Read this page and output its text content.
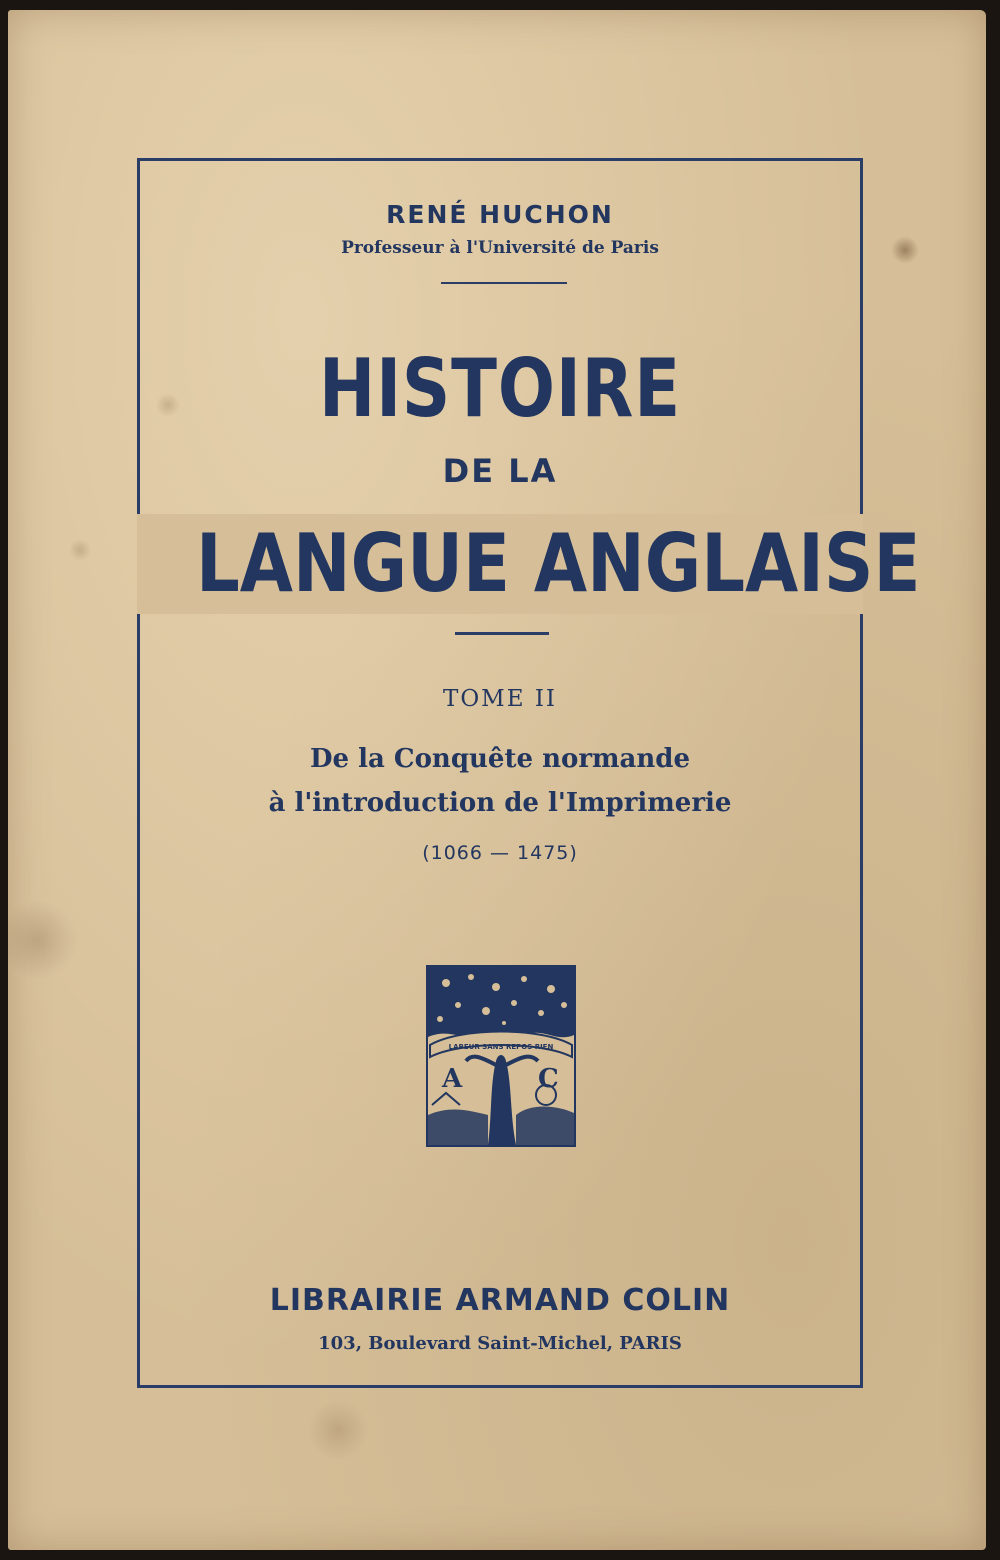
RENÉ HUCHON
Professeur à l'Université de Paris
HISTOIRE
DE LA
LANGUE ANGLAISE
TOME II
De la Conquête normande
à l'introduction de l'Imprimerie
(1066 — 1475)
LABEUR SANS REPOS RIEN
A	C
LIBRAIRIE ARMAND COLIN
103, Boulevard Saint-Michel, PARIS
